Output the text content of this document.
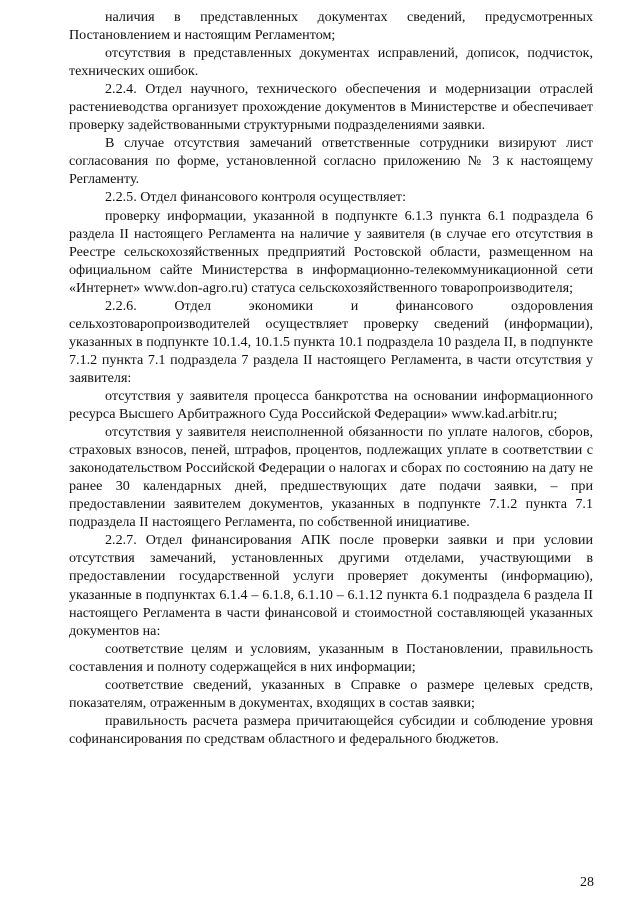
наличия в представленных документах сведений, предусмотренных Постановлением и настоящим Регламентом;

отсутствия в представленных документах исправлений, дописок, подчисток, технических ошибок.

2.2.4. Отдел научного, технического обеспечения и модернизации отраслей растениеводства организует прохождение документов в Министерстве и обеспечивает проверку задействованными структурными подразделениями заявки.

В случае отсутствия замечаний ответственные сотрудники визируют лист согласования по форме, установленной согласно приложению № 3 к настоящему Регламенту.

2.2.5. Отдел финансового контроля осуществляет:

проверку информации, указанной в подпункте 6.1.3 пункта 6.1 подраздела 6 раздела II настоящего Регламента на наличие у заявителя (в случае его отсутствия в Реестре сельскохозяйственных предприятий Ростовской области, размещенном на официальном сайте Министерства в информационно-телекоммуникационной сети «Интернет» www.don-agro.ru) статуса сельскохозяйственного товаропроизводителя;

2.2.6. Отдел экономики и финансового оздоровления сельхозтоваропроизводителей осуществляет проверку сведений (информации), указанных в подпункте 10.1.4, 10.1.5 пункта 10.1 подраздела 10 раздела II, в подпункте 7.1.2 пункта 7.1 подраздела 7 раздела II настоящего Регламента, в части отсутствия у заявителя:

отсутствия у заявителя процесса банкротства на основании информационного ресурса Высшего Арбитражного Суда Российской Федерации» www.kad.arbitr.ru;

отсутствия у заявителя неисполненной обязанности по уплате налогов, сборов, страховых взносов, пеней, штрафов, процентов, подлежащих уплате в соответствии с законодательством Российской Федерации о налогах и сборах по состоянию на дату не ранее 30 календарных дней, предшествующих дате подачи заявки, – при предоставлении заявителем документов, указанных в подпункте 7.1.2 пункта 7.1 подраздела II настоящего Регламента, по собственной инициативе.

2.2.7. Отдел финансирования АПК после проверки заявки и при условии отсутствия замечаний, установленных другими отделами, участвующими в предоставлении государственной услуги проверяет документы (информацию), указанные в подпунктах 6.1.4 – 6.1.8, 6.1.10 – 6.1.12 пункта 6.1 подраздела 6 раздела II настоящего Регламента в части финансовой и стоимостной составляющей указанных документов на:

соответствие целям и условиям, указанным в Постановлении, правильность составления и полноту содержащейся в них информации;

соответствие сведений, указанных в Справке о размере целевых средств, показателям, отраженным в документах, входящих в состав заявки;

правильность расчета размера причитающейся субсидии и соблюдение уровня софинансирования по средствам областного и федерального бюджетов.

28
